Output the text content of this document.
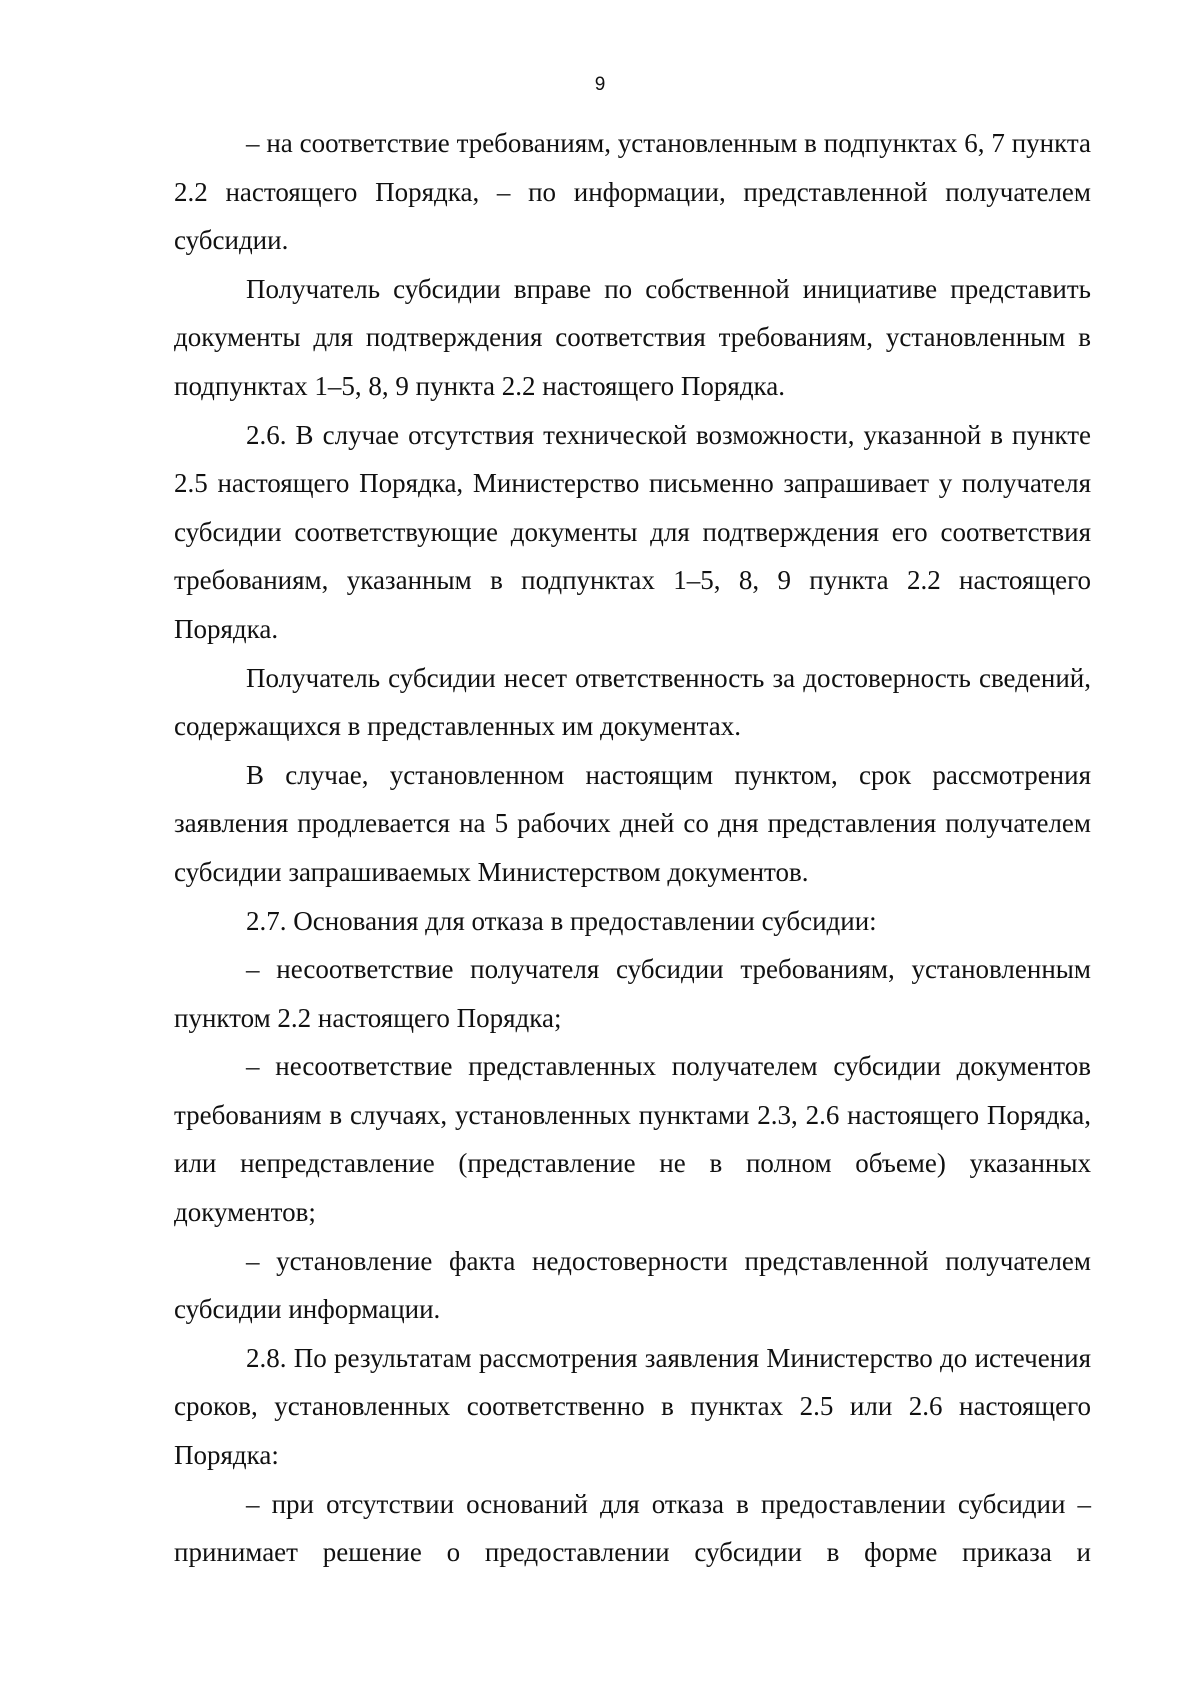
9

– на соответствие требованиям, установленным в подпунктах 6, 7 пункта 2.2 настоящего Порядка, – по информации, представленной получателем субсидии.

Получатель субсидии вправе по собственной инициативе представить документы для подтверждения соответствия требованиям, установленным в подпунктах 1–5, 8, 9 пункта 2.2 настоящего Порядка.

2.6. В случае отсутствия технической возможности, указанной в пункте 2.5 настоящего Порядка, Министерство письменно запрашивает у получателя субсидии соответствующие документы для подтверждения его соответствия требованиям, указанным в подпунктах 1–5, 8, 9 пункта 2.2 настоящего Порядка.

Получатель субсидии несет ответственность за достоверность сведений, содержащихся в представленных им документах.

В случае, установленном настоящим пунктом, срок рассмотрения заявления продлевается на 5 рабочих дней со дня представления получателем субсидии запрашиваемых Министерством документов.

2.7. Основания для отказа в предоставлении субсидии:

– несоответствие получателя субсидии требованиям, установленным пунктом 2.2 настоящего Порядка;

– несоответствие представленных получателем субсидии документов требованиям в случаях, установленных пунктами 2.3, 2.6 настоящего Порядка, или непредставление (представление не в полном объеме) указанных документов;

– установление факта недостоверности представленной получателем субсидии информации.

2.8. По результатам рассмотрения заявления Министерство до истечения сроков, установленных соответственно в пунктах 2.5 или 2.6 настоящего Порядка:

– при отсутствии оснований для отказа в предоставлении субсидии – принимает решение о предоставлении субсидии в форме приказа и
